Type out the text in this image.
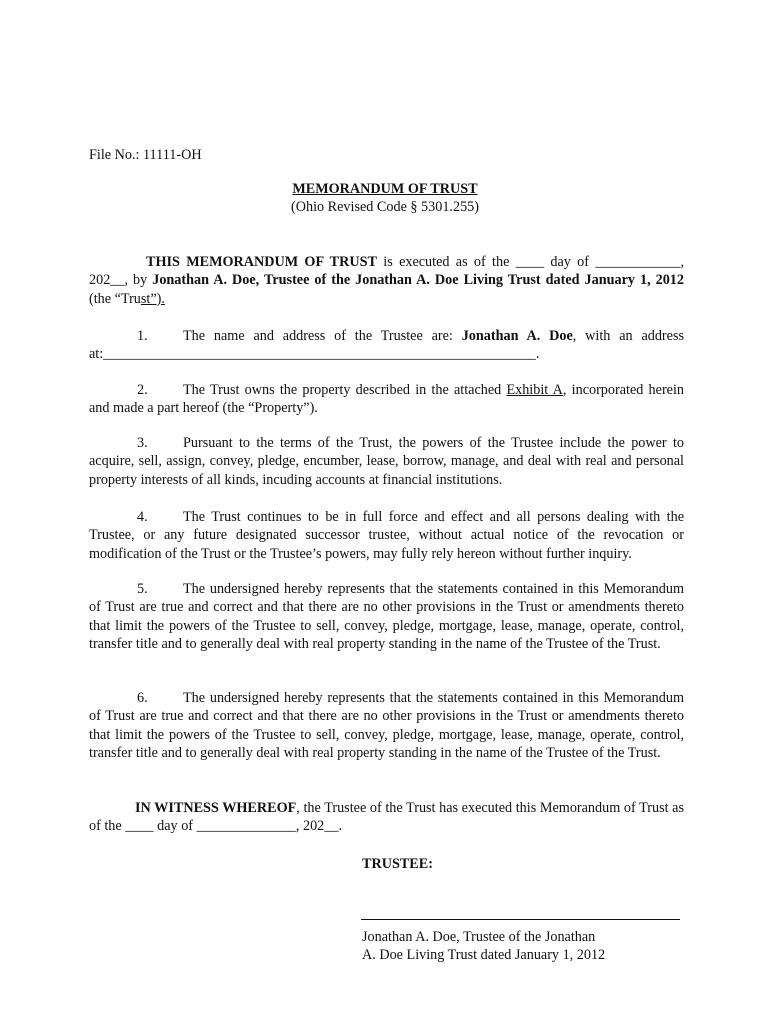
File No.: 11111-OH
MEMORANDUM OF TRUST
(Ohio Revised Code § 5301.255)
THIS MEMORANDUM OF TRUST is executed as of the ____ day of ____________, 202__, by Jonathan A. Doe, Trustee of the Jonathan A. Doe Living Trust dated January 1, 2012 (the “Trust”).
1. The name and address of the Trustee are: Jonathan A. Doe, with an address at:_____________________________________________________________.
2. The Trust owns the property described in the attached Exhibit A, incorporated herein and made a part hereof (the “Property”).
3. Pursuant to the terms of the Trust, the powers of the Trustee include the power to acquire, sell, assign, convey, pledge, encumber, lease, borrow, manage, and deal with real and personal property interests of all kinds, incuding accounts at financial institutions.
4. The Trust continues to be in full force and effect and all persons dealing with the Trustee, or any future designated successor trustee, without actual notice of the revocation or modification of the Trust or the Trustee’s powers, may fully rely hereon without further inquiry.
5. The undersigned hereby represents that the statements contained in this Memorandum of Trust are true and correct and that there are no other provisions in the Trust or amendments thereto that limit the powers of the Trustee to sell, convey, pledge, mortgage, lease, manage, operate, control, transfer title and to generally deal with real property standing in the name of the Trustee of the Trust.
6. The undersigned hereby represents that the statements contained in this Memorandum of Trust are true and correct and that there are no other provisions in the Trust or amendments thereto that limit the powers of the Trustee to sell, convey, pledge, mortgage, lease, manage, operate, control, transfer title and to generally deal with real property standing in the name of the Trustee of the Trust.
IN WITNESS WHEREOF, the Trustee of the Trust has executed this Memorandum of Trust as of the ____ day of ______________, 202__.
TRUSTEE:
Jonathan A. Doe, Trustee of the Jonathan
A. Doe Living Trust dated January 1, 2012
